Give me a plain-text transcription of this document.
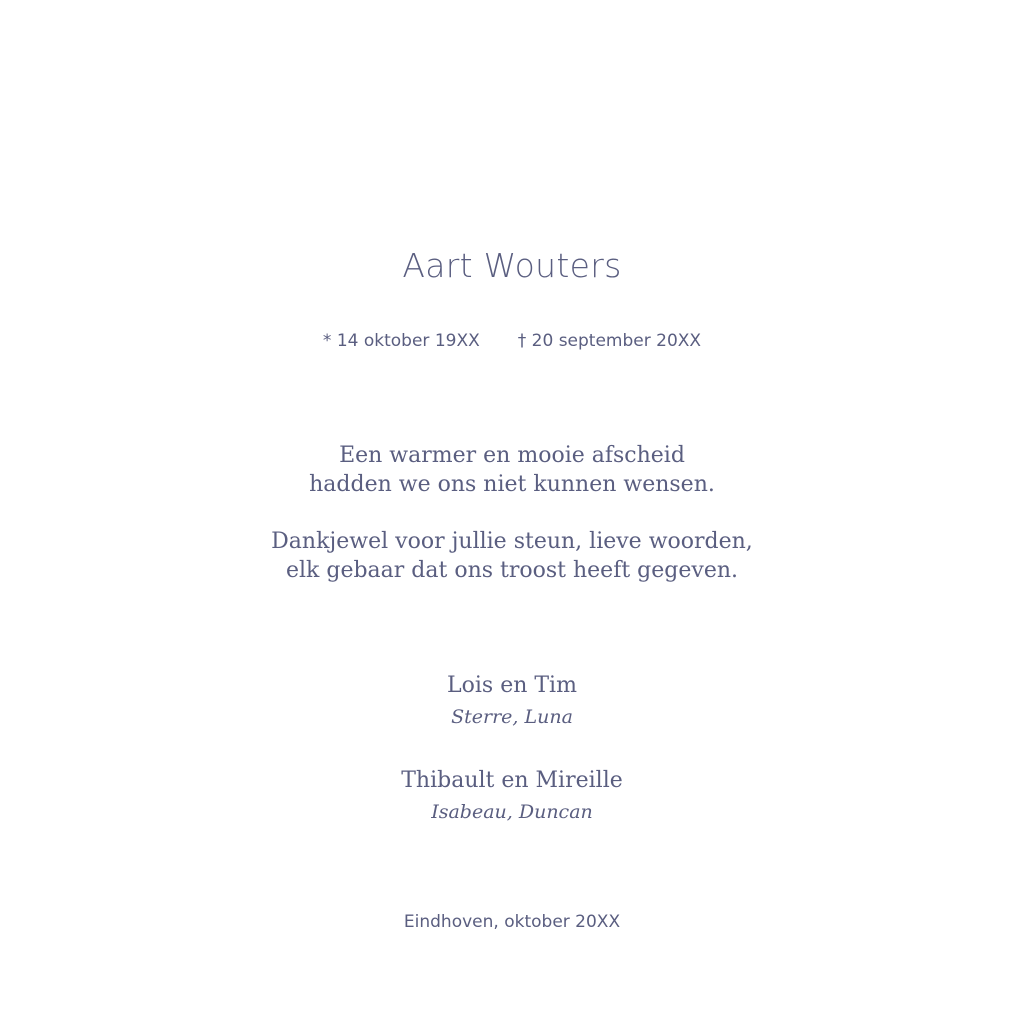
Aart Wouters
* 14 oktober 19XX † 20 september 20XX
Een warmer en mooie afscheid
hadden we ons niet kunnen wensen.
Dankjewel voor jullie steun, lieve woorden,
elk gebaar dat ons troost heeft gegeven.
Lois en Tim
Sterre, Luna
Thibault en Mireille
Isabeau, Duncan
Eindhoven, oktober 20XX
